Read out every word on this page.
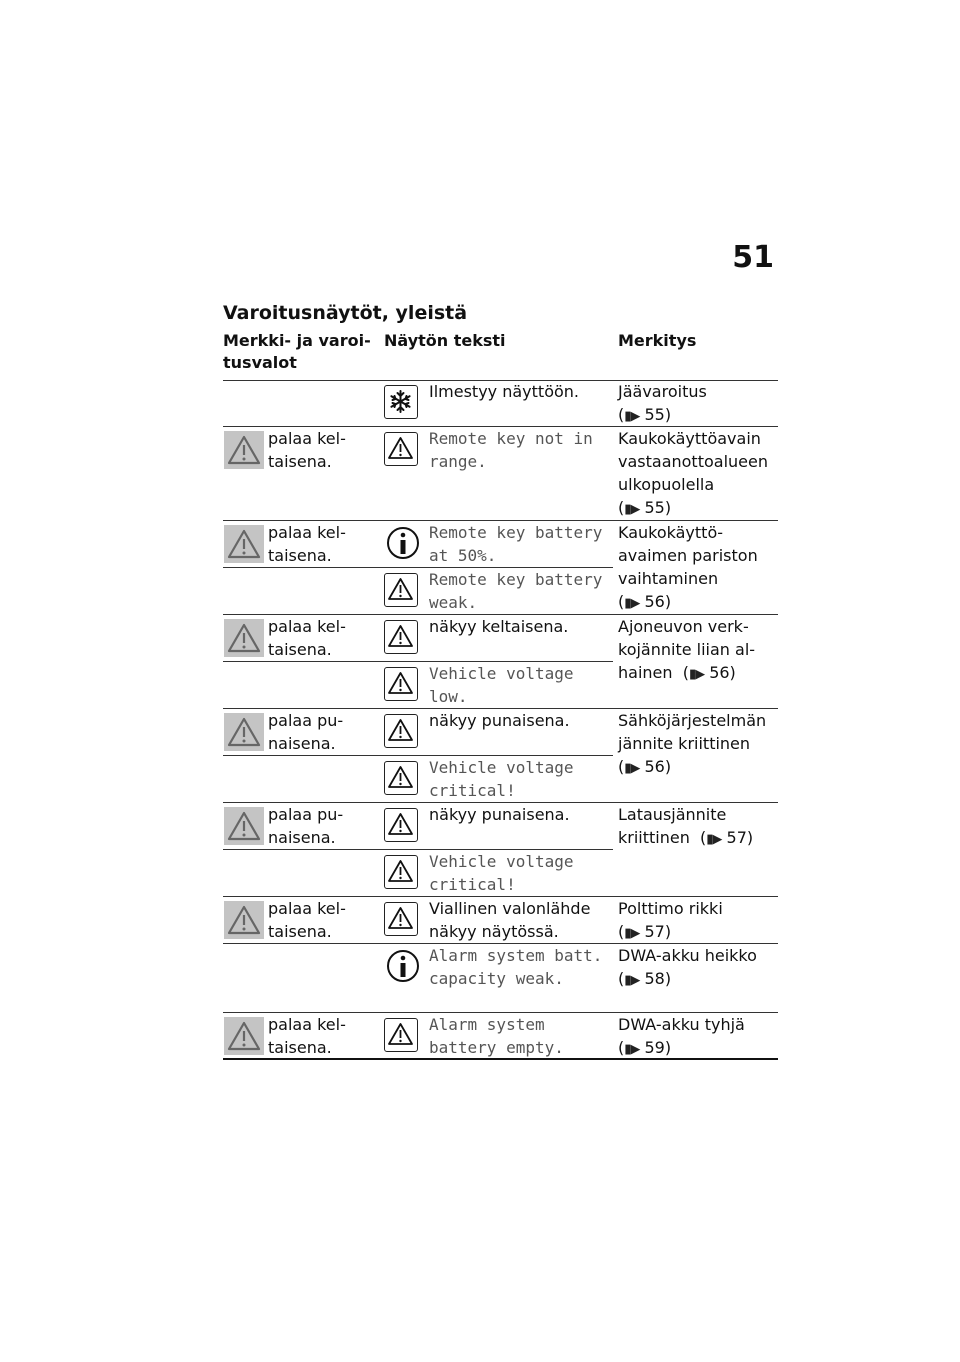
51
Varoitusnäytöt, yleistä
Merkki- ja varoitusvalot
Näytön teksti	Merkitys
Ilmestyy näyttöön.	Jäävaroitus
(▮▶ 55)
palaa keltaisena.
Remote key not in range.
Kaukokäyttöavain vastaanottoalueen ulkopuolella
(▮▶ 55)
palaa keltaisena.
Remote key battery at 50%.
Remote key battery weak.
Kaukokäyttöavaimen pariston vaihtaminen
(▮▶ 56)
palaa keltaisena.
näkyy keltaisena.
Vehicle voltage low.
Ajoneuvon verkkojännite liian alhainen  (▮▶ 56)
palaa punaisena.
näkyy punaisena.
Vehicle voltage critical!
Sähköjärjestelmän jännite kriittinen
(▮▶ 56)
palaa punaisena.
näkyy punaisena.
Vehicle voltage critical!
Latausjännite kriittinen  (▮▶ 57)
palaa keltaisena.
Viallinen valonlähde näkyy näytössä.
Polttimo rikki
(▮▶ 57)
Alarm system batt. capacity weak.
DWA-akku heikko
(▮▶ 58)
palaa keltaisena.
Alarm system battery empty.
DWA-akku tyhjä
(▮▶ 59)
